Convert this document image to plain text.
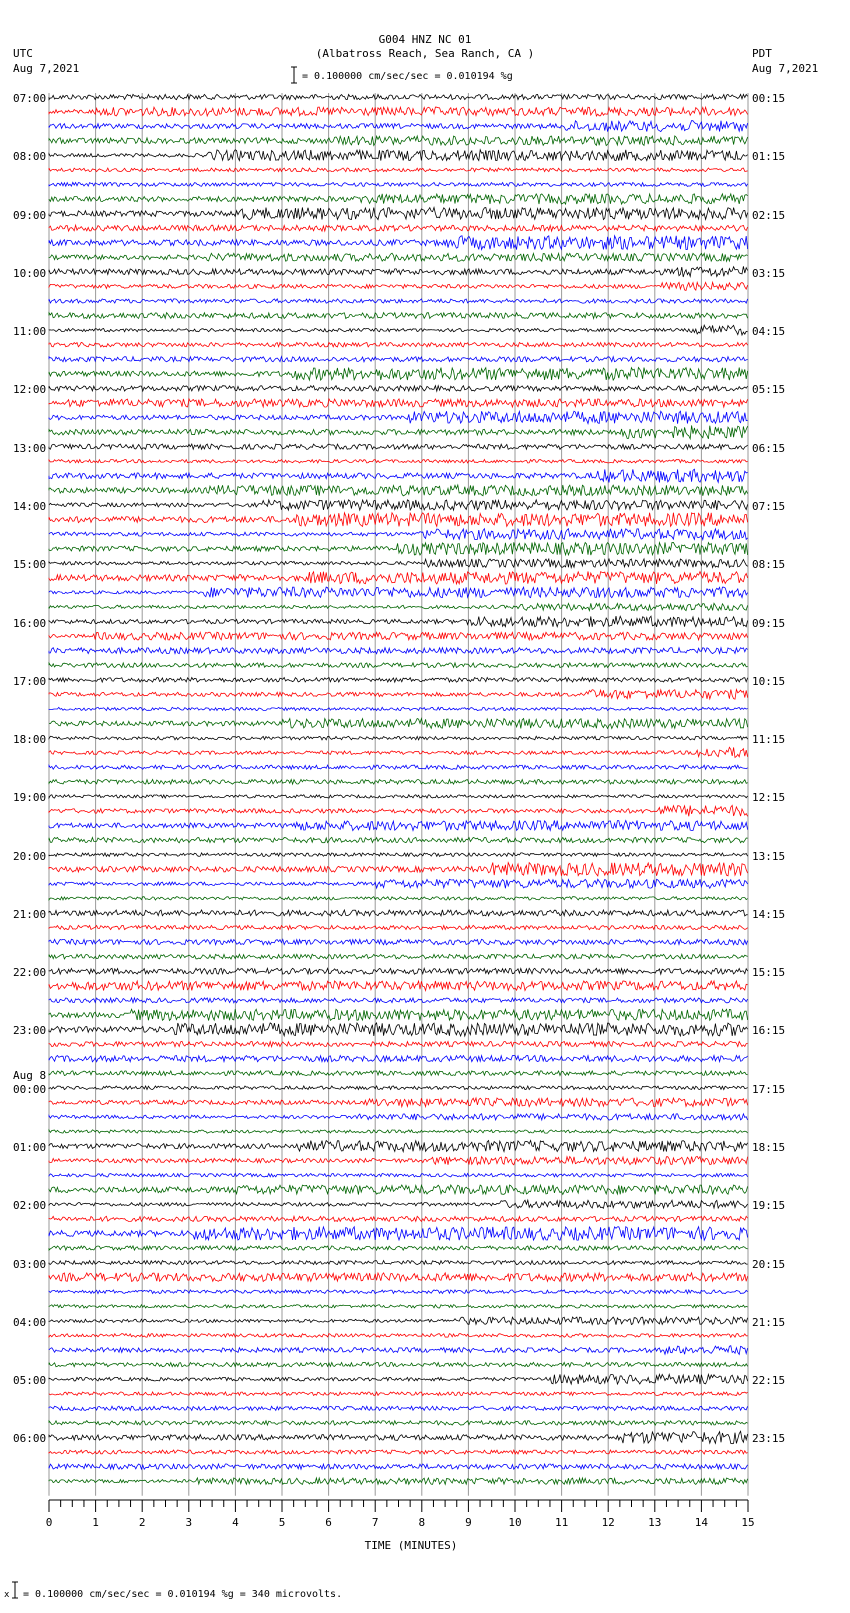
G004 HNZ NC 01
(Albatross Reach, Sea Ranch, CA )
UTC
Aug 7,2021
PDT
Aug 7,2021
= 0.100000 cm/sec/sec = 0.010194 %g
0	1	2	3	4	5	6	7	8	9	10	11	12	13	14	15
07:00
08:00
09:00
10:00
11:00
12:00
13:00
14:00
15:00
16:00
17:00
18:00
19:00
20:00
21:00
22:00
23:00
00:00
01:00
02:00
03:00
04:00
05:00
06:00
Aug 8
00:15
01:15
02:15
03:15
04:15
05:15
06:15
07:15
08:15
09:15
10:15
11:15
12:15
13:15
14:15
15:15
16:15
17:15
18:15
19:15
20:15
21:15
22:15
23:15
TIME (MINUTES)
x = 0.100000 cm/sec/sec = 0.010194 %g = 340 microvolts.
